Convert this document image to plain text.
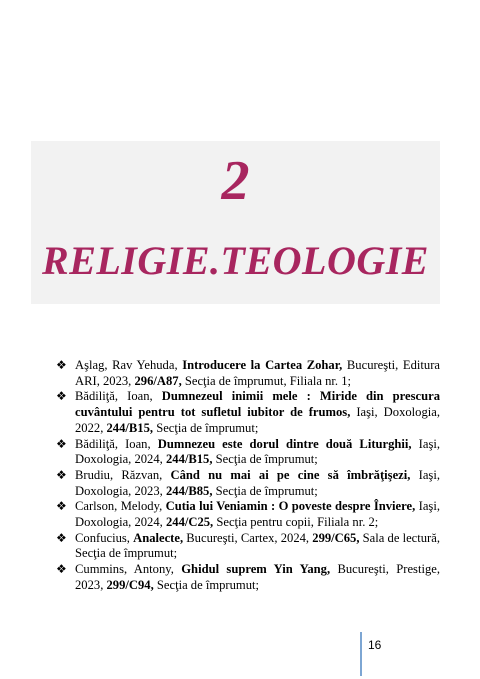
2
RELIGIE.TEOLOGIE
❖ Aşlag, Rav Yehuda, Introducere la Cartea Zohar, Bucureşti, Editura ARI, 2023, 296/A87, Secţia de împrumut, Filiala nr. 1;
❖ Bădiliţă, Ioan, Dumnezeul inimii mele : Miride din prescura cuvântului pentru tot sufletul iubitor de frumos, Iaşi, Doxologia, 2022, 244/B15, Secţia de împrumut;
❖ Bădiliţă, Ioan, Dumnezeu este dorul dintre două Liturghii, Iaşi, Doxologia, 2024, 244/B15, Secţia de împrumut;
❖ Brudiu, Răzvan, Când nu mai ai pe cine să îmbrăţişezi, Iaşi, Doxologia, 2023, 244/B85, Secţia de împrumut;
❖ Carlson, Melody, Cutia lui Veniamin : O poveste despre Înviere, Iaşi, Doxologia, 2024, 244/C25, Secţia pentru copii, Filiala nr. 2;
❖ Confucius, Analecte, Bucureşti, Cartex, 2024, 299/C65, Sala de lectură, Secţia de împrumut;
❖ Cummins, Antony, Ghidul suprem Yin Yang, Bucureşti, Prestige, 2023, 299/C94, Secţia de împrumut;
16
